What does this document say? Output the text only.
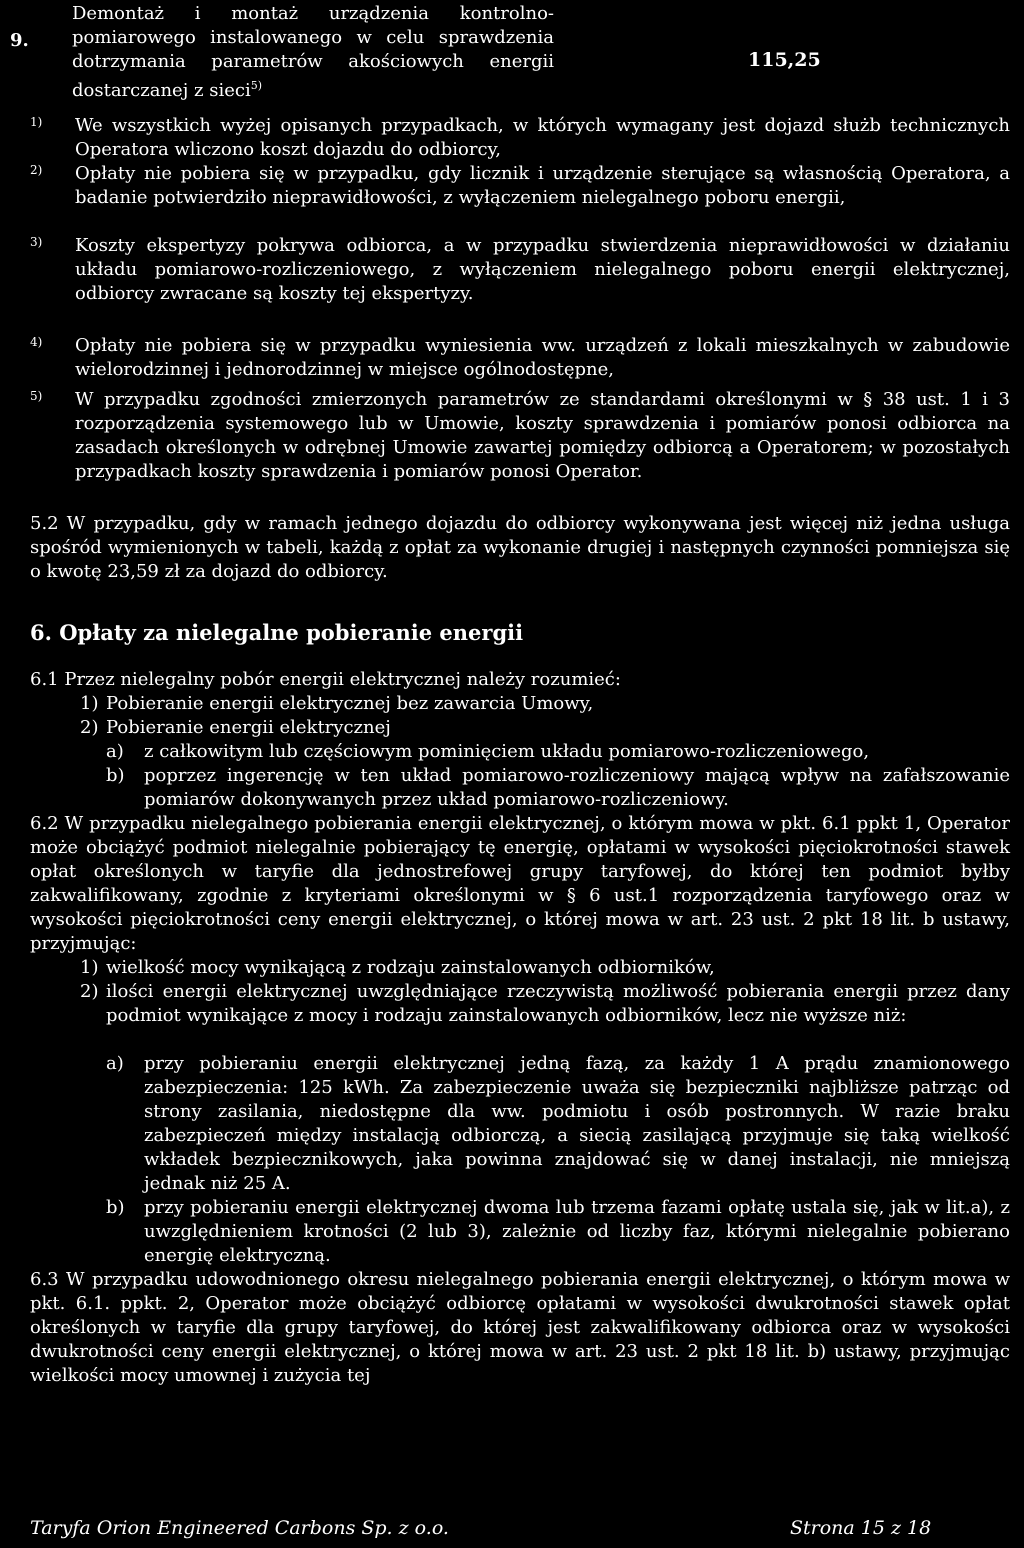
9.
Demontaż i montaż urządzenia kontrolno-pomiarowego instalowanego w celu sprawdzenia dotrzymania parametrów akościowych energii dostarczanej z sieci$^{5)}$
115,25
1) We wszystkich wyżej opisanych przypadkach, w których wymagany jest dojazd służb technicznych Operatora wliczono koszt dojazdu do odbiorcy,
2) Opłaty nie pobiera się w przypadku, gdy licznik i urządzenie sterujące są własnością Operatora, a badanie potwierdziło nieprawidłowości, z wyłączeniem nielegalnego poboru energii,
3) Koszty ekspertyzy pokrywa odbiorca, a w przypadku stwierdzenia nieprawidłowości w działaniu układu pomiarowo-rozliczeniowego, z wyłączeniem nielegalnego poboru energii elektrycznej, odbiorcy zwracane są koszty tej ekspertyzy.
4) Opłaty nie pobiera się w przypadku wyniesienia ww. urządzeń z lokali mieszkalnych w zabudowie wielorodzinnej i jednorodzinnej w miejsce ogólnodostępne,
5) W przypadku zgodności zmierzonych parametrów ze standardami określonymi w § 38 ust. 1 i 3 rozporządzenia systemowego lub w Umowie, koszty sprawdzenia i pomiarów ponosi odbiorca na zasadach określonych w odrębnej Umowie zawartej pomiędzy odbiorcą a Operatorem; w pozostałych przypadkach koszty sprawdzenia i pomiarów ponosi Operator.
5.2 W przypadku, gdy w ramach jednego dojazdu do odbiorcy wykonywana jest więcej niż jedna usługa spośród wymienionych w tabeli, każdą z opłat za wykonanie drugiej i następnych czynności pomniejsza się o kwotę 23,59 zł za dojazd do odbiorcy.
6. Opłaty za nielegalne pobieranie energii
6.1 Przez nielegalny pobór energii elektrycznej należy rozumieć:
1) Pobieranie energii elektrycznej bez zawarcia Umowy,
2) Pobieranie energii elektrycznej
a) z całkowitym lub częściowym pominięciem układu pomiarowo-rozliczeniowego,
b) poprzez ingerencję w ten układ pomiarowo-rozliczeniowy mającą wpływ na zafałszowanie pomiarów dokonywanych przez układ pomiarowo-rozliczeniowy.
6.2 W przypadku nielegalnego pobierania energii elektrycznej, o którym mowa w pkt. 6.1 ppkt 1, Operator może obciążyć podmiot nielegalnie pobierający tę energię, opłatami w wysokości pięciokrotności stawek opłat określonych w taryfie dla jednostrefowej grupy taryfowej, do której ten podmiot byłby zakwalifikowany, zgodnie z kryteriami określonymi w § 6 ust.1 rozporządzenia taryfowego oraz w wysokości pięciokrotności ceny energii elektrycznej, o której mowa w art. 23 ust. 2 pkt 18 lit. b ustawy, przyjmując:
1) wielkość mocy wynikającą z rodzaju zainstalowanych odbiorników,
2) ilości energii elektrycznej uwzględniające rzeczywistą możliwość pobierania energii przez dany podmiot wynikające z mocy i rodzaju zainstalowanych odbiorników, lecz nie wyższe niż:
a) przy pobieraniu energii elektrycznej jedną fazą, za każdy 1 A prądu znamionowego zabezpieczenia: 125 kWh. Za zabezpieczenie uważa się bezpieczniki najbliższe patrząc od strony zasilania, niedostępne dla ww. podmiotu i osób postronnych. W razie braku zabezpieczeń między instalacją odbiorczą, a siecią zasilającą przyjmuje się taką wielkość wkładek bezpiecznikowych, jaka powinna znajdować się w danej instalacji, nie mniejszą jednak niż 25 A.
b) przy pobieraniu energii elektrycznej dwoma lub trzema fazami opłatę ustala się, jak w lit.a), z uwzględnieniem krotności (2 lub 3), zależnie od liczby faz, którymi nielegalnie pobierano energię elektryczną.
6.3 W przypadku udowodnionego okresu nielegalnego pobierania energii elektrycznej, o którym mowa w pkt. 6.1. ppkt. 2, Operator może obciążyć odbiorcę opłatami w wysokości dwukrotności stawek opłat określonych w taryfie dla grupy taryfowej, do której jest zakwalifikowany odbiorca oraz w wysokości dwukrotności ceny energii elektrycznej, o której mowa w art. 23 ust. 2 pkt 18 lit. b) ustawy, przyjmując wielkości mocy umownej i zużycia tej
Taryfa Orion Engineered Carbons Sp. z o.o.	Strona 15 z 18
